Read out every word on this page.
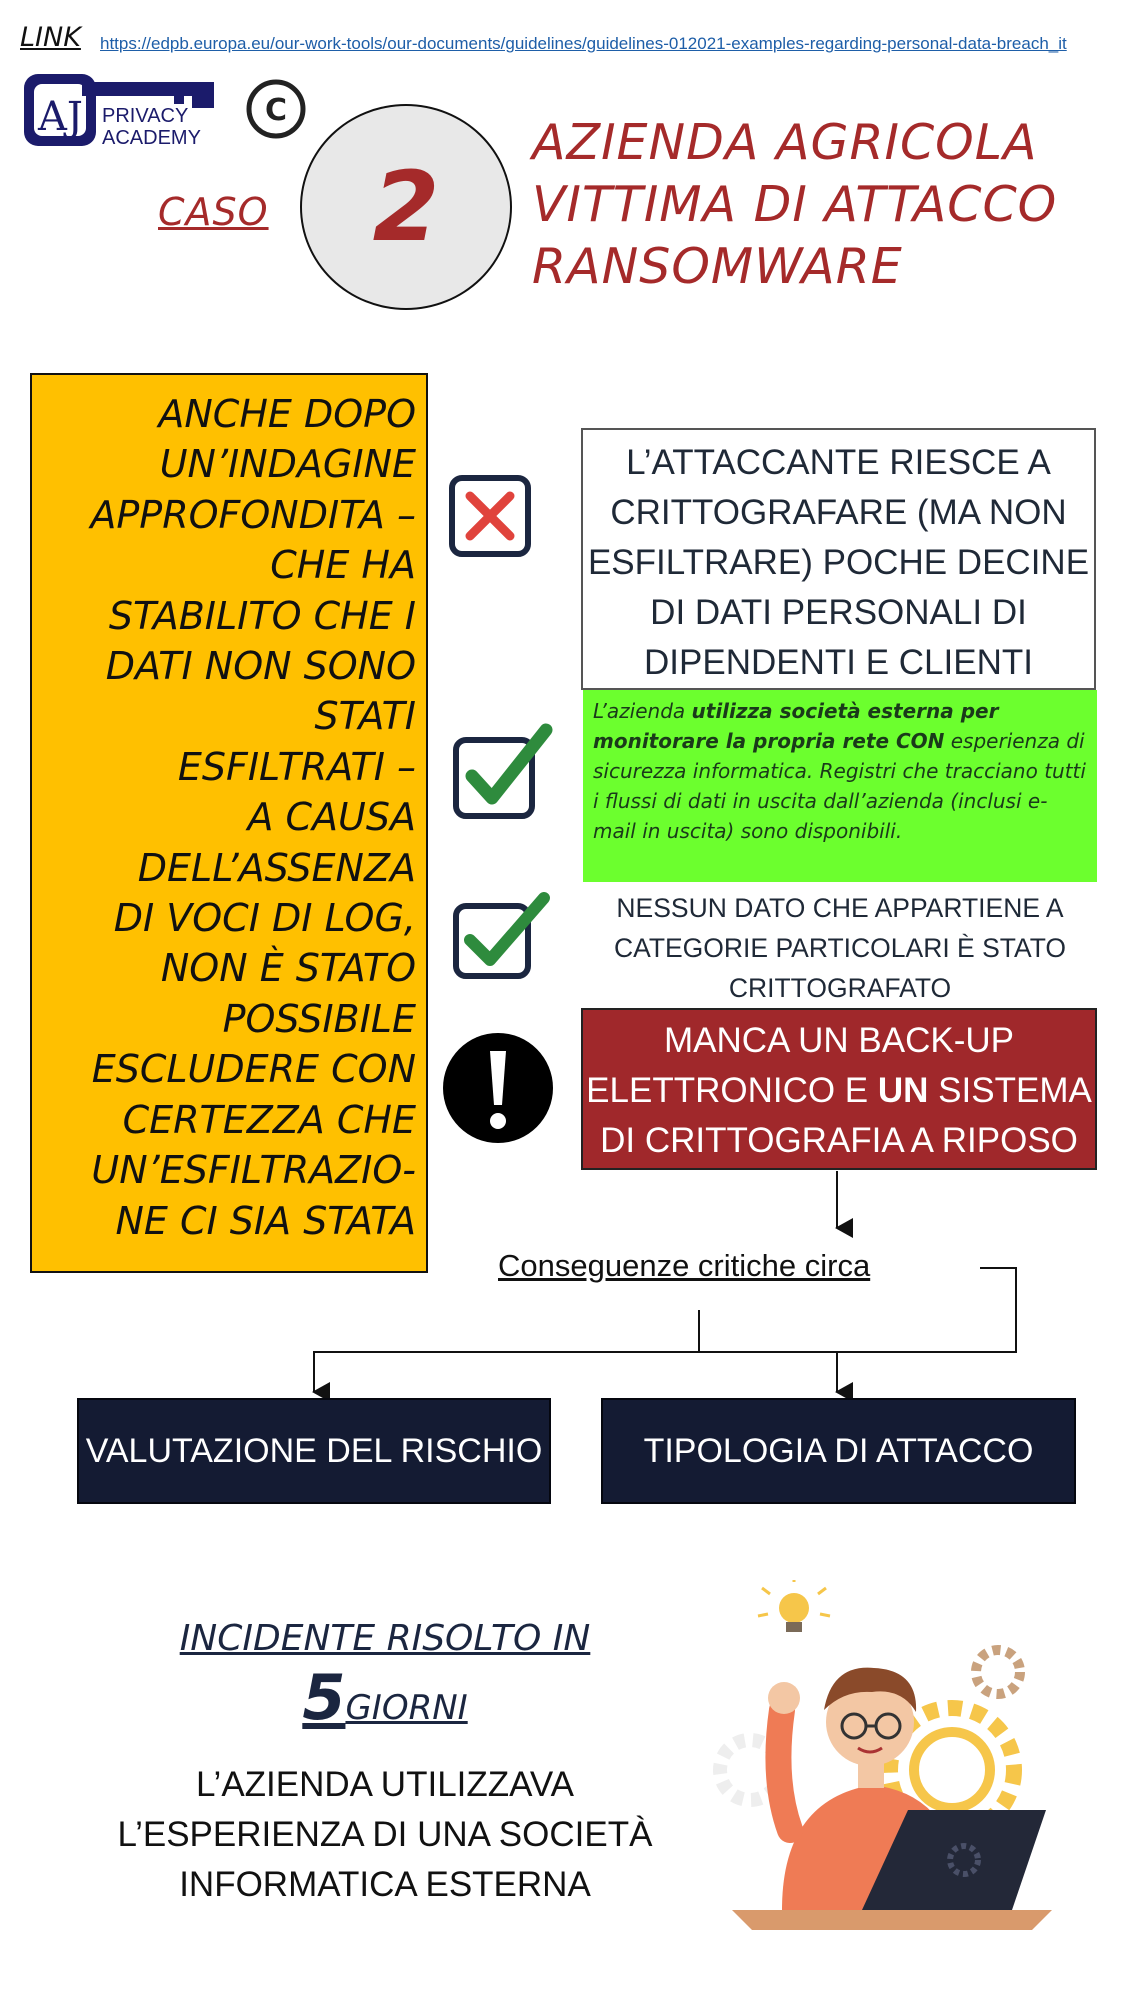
LINK https://edpb.europa.eu/our-work-tools/our-documents/guidelines/guidelines-012021-examples-regarding-personal-data-breach_it
AJ PRIVACY
ACADEMY
C
CASO	2
AZIENDA AGRICOLA
VITTIMA DI ATTACCO
RANSOMWARE
ANCHE DOPO
UN’INDAGINE
APPROFONDITA –
CHE HA
STABILITO CHE I
DATI NON SONO
STATI
ESFILTRATI –
A CAUSA
DELL’ASSENZA
DI VOCI DI LOG,
NON È STATO
POSSIBILE
ESCLUDERE CON
CERTEZZA CHE
UN’ESFILTRAZIO-
NE CI SIA STATA
L’ATTACCANTE RIESCE A
CRITTOGRAFARE (MA NON
ESFILTRARE) POCHE DECINE
DI DATI PERSONALI DI
DIPENDENTI E CLIENTI
L’azienda utilizza società esterna per monitorare la propria rete CON esperienza di sicurezza informatica. Registri che tracciano tutti i flussi di dati in uscita dall’azienda (inclusi e-mail in uscita) sono disponibili.
NESSUN DATO CHE APPARTIENE A
CATEGORIE PARTICOLARI È STATO
CRITTOGRAFATO
MANCA UN BACK-UP
ELETTRONICO E UN SISTEMA
DI CRITTOGRAFIA A RIPOSO
Conseguenze critiche circa
VALUTAZIONE DEL RISCHIO	TIPOLOGIA DI ATTACCO
INCIDENTE RISOLTO IN
5GIORNI
L’AZIENDA UTILIZZAVA
L’ESPERIENZA DI UNA SOCIETÀ
INFORMATICA ESTERNA
